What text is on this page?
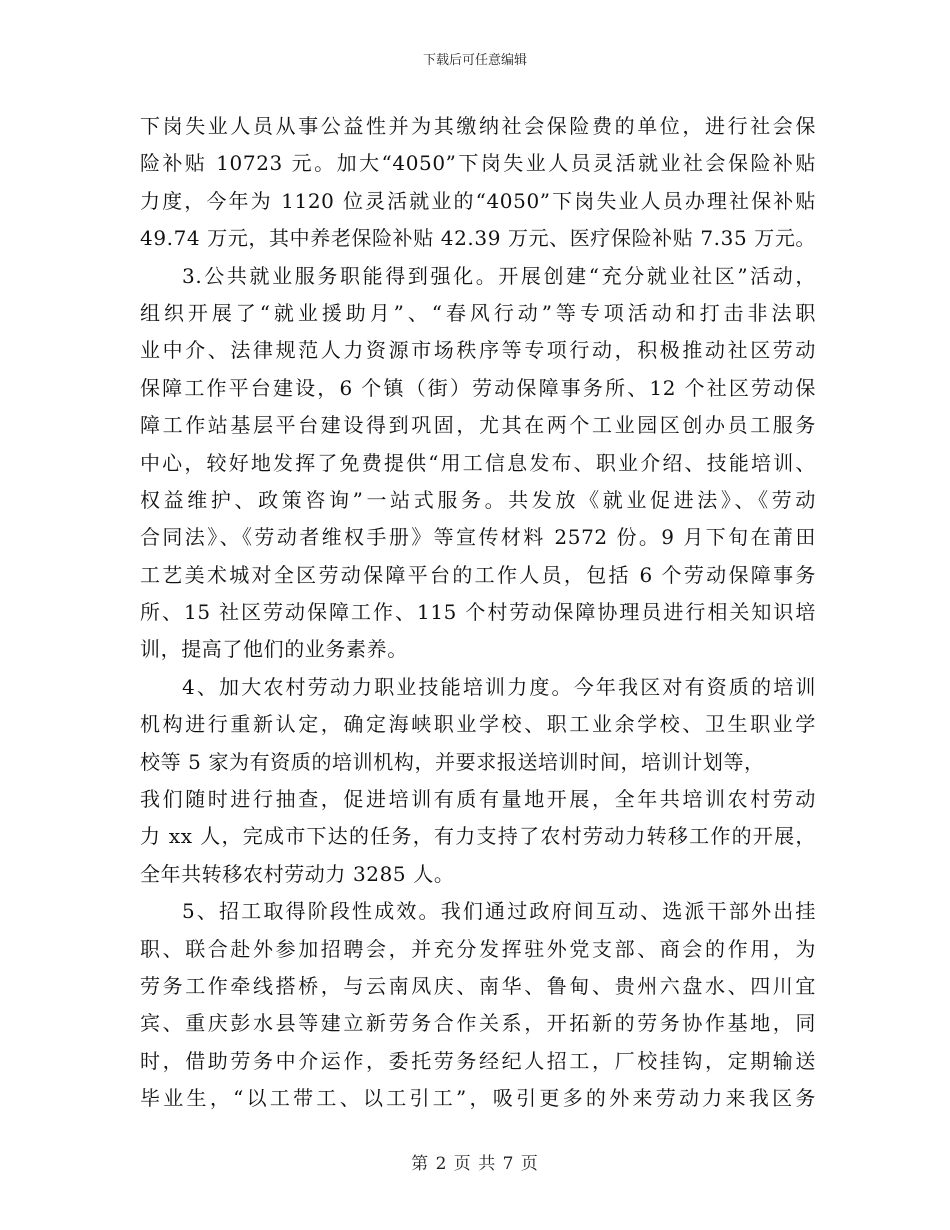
下载后可任意编辑
下岗失业人员从事公益性并为其缴纳社会保险费的单位，进行社会保
险补贴 10723 元。加大“4050”下岗失业人员灵活就业社会保险补贴
力度，今年为 1120 位灵活就业的“4050”下岗失业人员办理社保补贴
49.74 万元，其中养老保险补贴 42.39 万元、医疗保险补贴 7.35 万元。
3.公共就业服务职能得到强化。开展创建“充分就业社区”活动，
组织开展了“就业援助月”、“春风行动”等专项活动和打击非法职
业中介、法律规范人力资源市场秩序等专项行动，积极推动社区劳动
保障工作平台建设，6 个镇（街）劳动保障事务所、12 个社区劳动保
障工作站基层平台建设得到巩固，尤其在两个工业园区创办员工服务
中心，较好地发挥了免费提供“用工信息发布、职业介绍、技能培训、
权益维护、政策咨询”一站式服务。共发放《就业促进法》、《劳动
合同法》、《劳动者维权手册》等宣传材料 2572 份。9 月下旬在莆田
工艺美术城对全区劳动保障平台的工作人员，包括 6 个劳动保障事务
所、15 社区劳动保障工作、115 个村劳动保障协理员进行相关知识培
训，提高了他们的业务素养。
4、加大农村劳动力职业技能培训力度。今年我区对有资质的培训
机构进行重新认定，确定海峡职业学校、职工业余学校、卫生职业学
校等 5 家为有资质的培训机构，并要求报送培训时间，培训计划等，
我们随时进行抽查，促进培训有质有量地开展，全年共培训农村劳动
力 xx 人，完成市下达的任务，有力支持了农村劳动力转移工作的开展，
全年共转移农村劳动力 3285 人。
5、招工取得阶段性成效。我们通过政府间互动、选派干部外出挂
职、联合赴外参加招聘会，并充分发挥驻外党支部、商会的作用，为
劳务工作牵线搭桥，与云南凤庆、南华、鲁甸、贵州六盘水、四川宜
宾、重庆彭水县等建立新劳务合作关系，开拓新的劳务协作基地，同
时，借助劳务中介运作，委托劳务经纪人招工，厂校挂钩，定期输送
毕业生，“以工带工、以工引工”，吸引更多的外来劳动力来我区务
第 2 页 共 7 页
